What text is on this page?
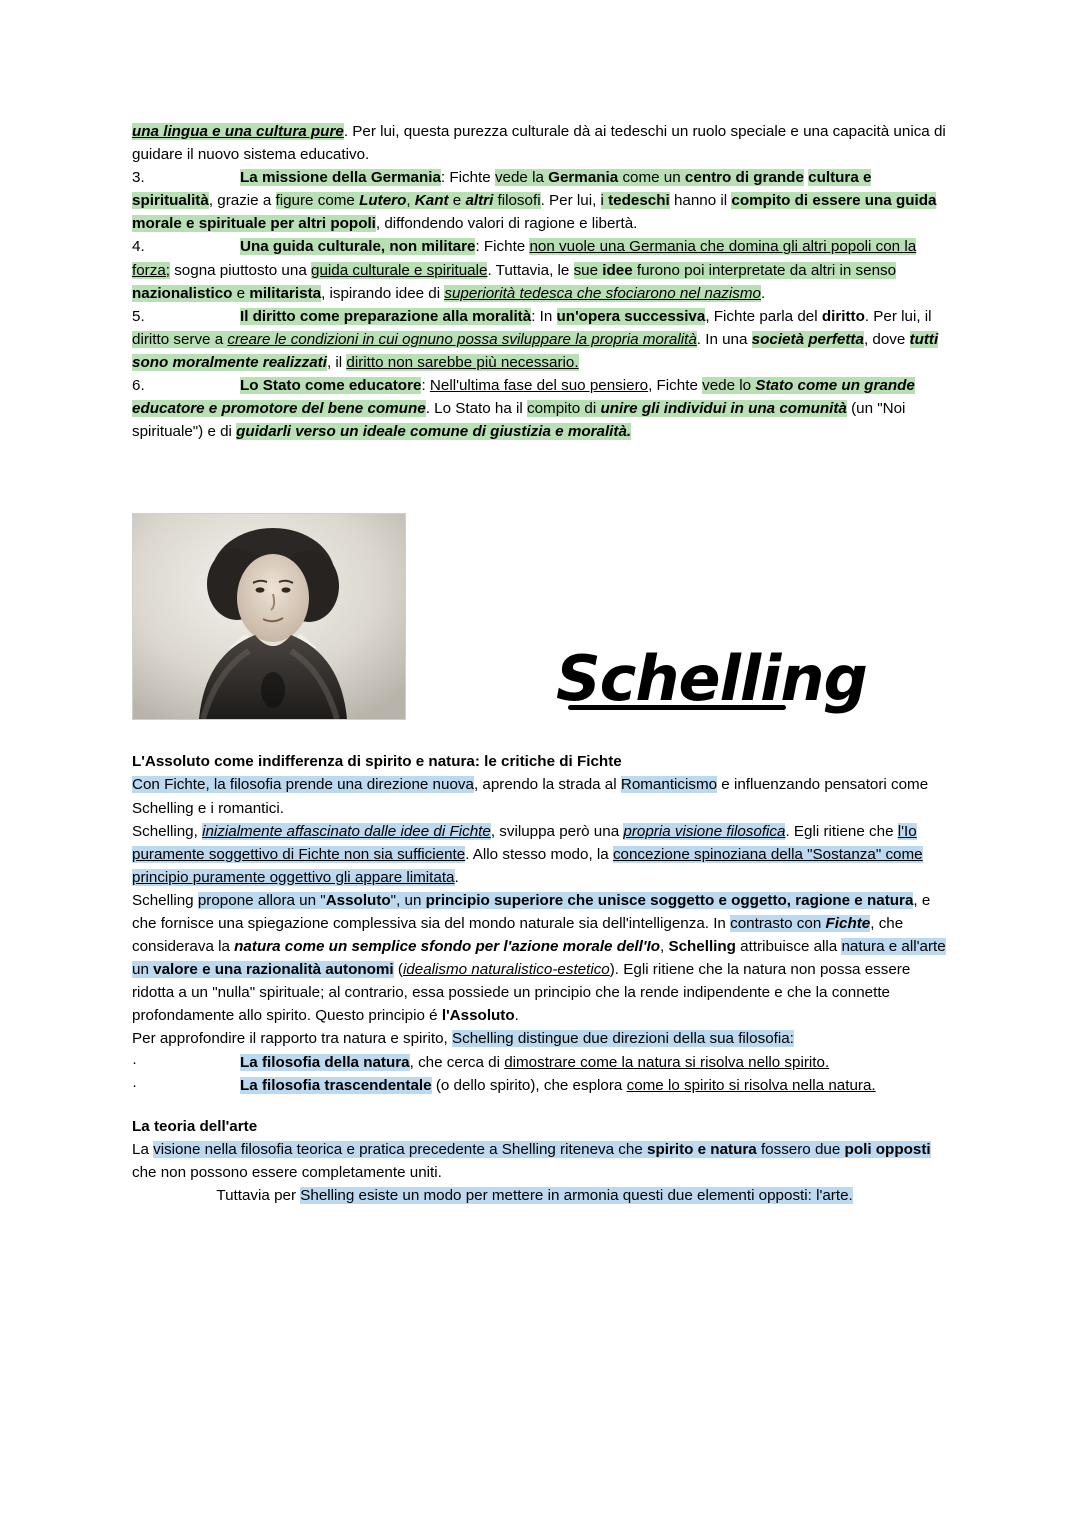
una lingua e una cultura pure. Per lui, questa purezza culturale dà ai tedeschi un ruolo speciale e una capacità unica di guidare il nuovo sistema educativo.
3.	La missione della Germania: Fichte vede la Germania come un centro di grande cultura e spiritualità, grazie a figure come Lutero, Kant e altri filosofi. Per lui, i tedeschi hanno il compito di essere una guida morale e spirituale per altri popoli, diffondendo valori di ragione e libertà.
4.	Una guida culturale, non militare: Fichte non vuole una Germania che domina gli altri popoli con la forza; sogna piuttosto una guida culturale e spirituale. Tuttavia, le sue idee furono poi interpretate da altri in senso nazionalistico e militarista, ispirando idee di superiorità tedesca che sfociarono nel nazismo.
5.	Il diritto come preparazione alla moralità: In un'opera successiva, Fichte parla del diritto. Per lui, il diritto serve a creare le condizioni in cui ognuno possa sviluppare la propria moralità. In una società perfetta, dove tutti sono moralmente realizzati, il diritto non sarebbe più necessario.
6.	Lo Stato come educatore: Nell'ultima fase del suo pensiero, Fichte vede lo Stato come un grande educatore e promotore del bene comune. Lo Stato ha il compito di unire gli individui in una comunità (un "Noi spirituale") e di guidarli verso un ideale comune di giustizia e moralità.
Schelling
L'Assoluto come indifferenza di spirito e natura: le critiche di Fichte

Con Fichte, la filosofia prende una direzione nuova, aprendo la strada al Romanticismo e influenzando pensatori come Schelling e i romantici.

Schelling, inizialmente affascinato dalle idee di Fichte, sviluppa però una propria visione filosofica. Egli ritiene che l'Io puramente soggettivo di Fichte non sia sufficiente. Allo stesso modo, la concezione spinoziana della "Sostanza" come principio puramente oggettivo gli appare limitata.

Schelling propone allora un "Assoluto", un principio superiore che unisce soggetto e oggetto, ragione e natura, e che fornisce una spiegazione complessiva sia del mondo naturale sia dell'intelligenza. In contrasto con Fichte, che considerava la natura come un semplice sfondo per l'azione morale dell'Io, Schelling attribuisce alla natura e all'arte un valore e una razionalità autonomi (idealismo naturalistico-estetico). Egli ritiene che la natura non possa essere ridotta a un "nulla" spirituale; al contrario, essa possiede un principio che la rende indipendente e che la connette profondamente allo spirito. Questo principio é l'Assoluto.

Per approfondire il rapporto tra natura e spirito, Schelling distingue due direzioni della sua filosofia:

·	La filosofia della natura, che cerca di dimostrare come la natura si risolva nello spirito.
·	La filosofia trascendentale (o dello spirito), che esplora come lo spirito si risolva nella natura.
La teoria dell'arte

La visione nella filosofia teorica e pratica precedente a Shelling riteneva che spirito e natura fossero due poli opposti che non possono essere completamente uniti.

Tuttavia per Shelling esiste un modo per mettere in armonia questi due elementi opposti: l'arte.
